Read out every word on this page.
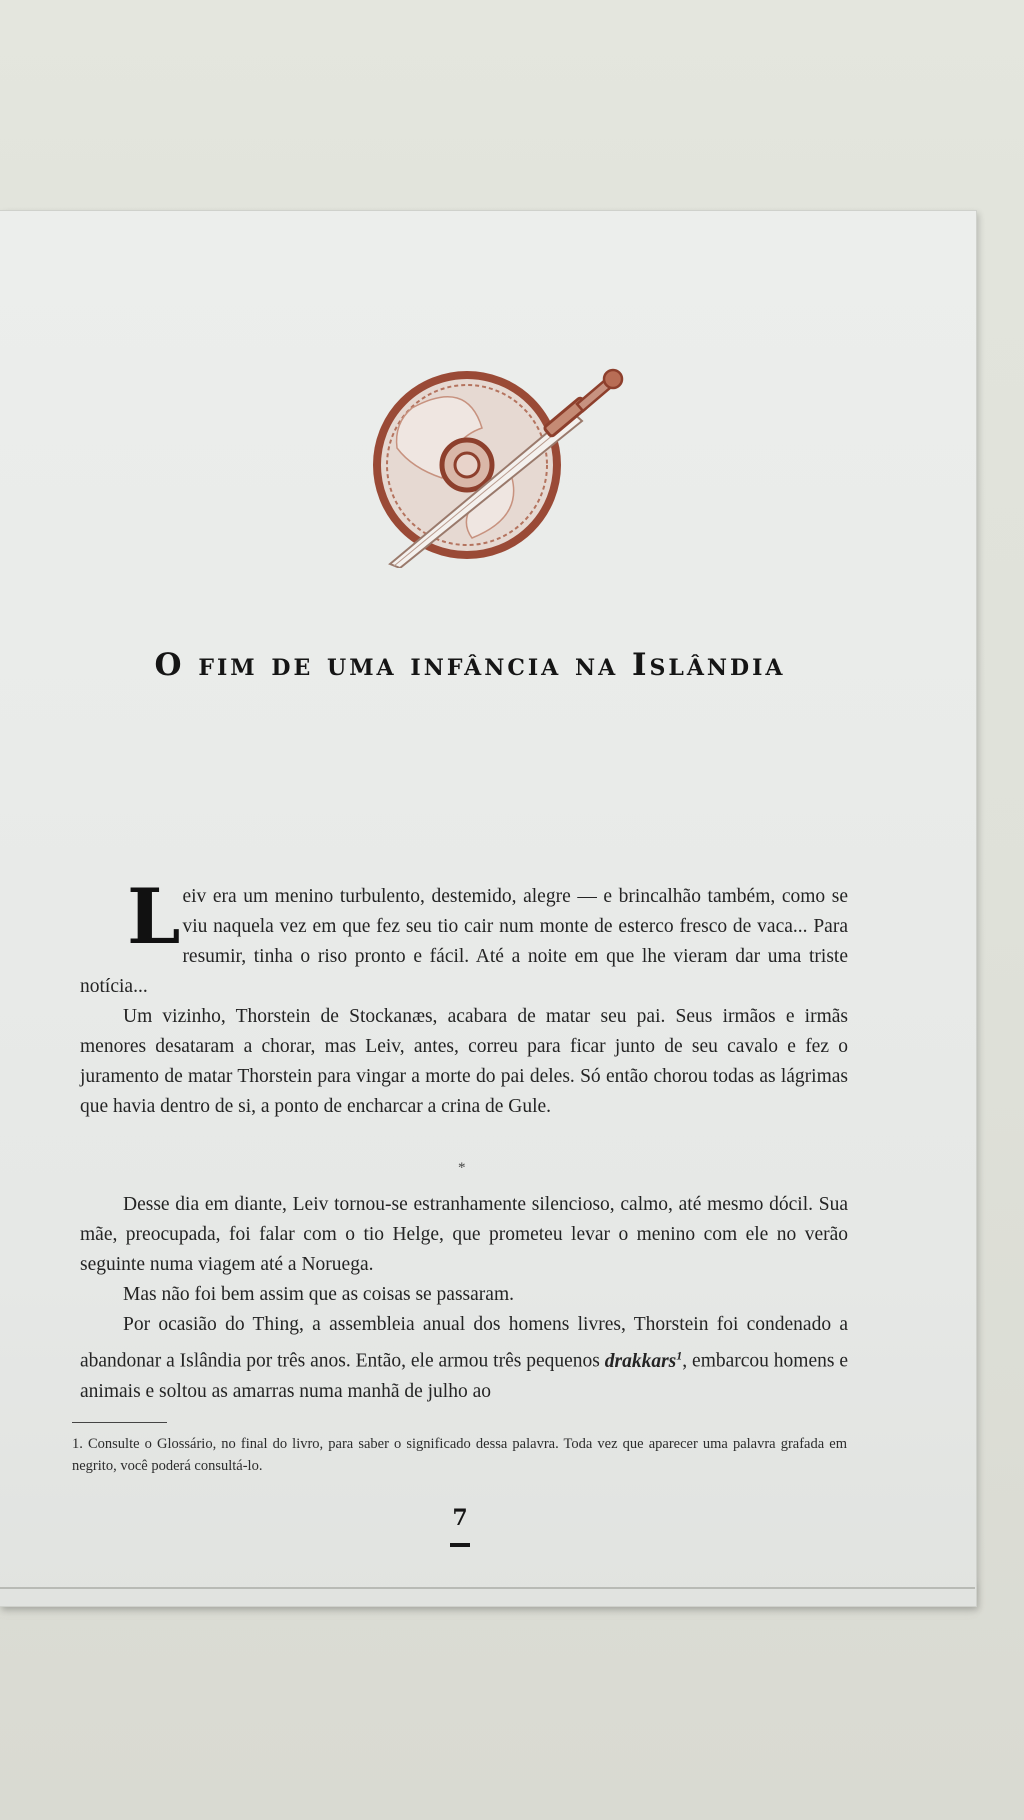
O fim de uma infância na Islândia

Leiv era um menino turbulento, destemido, alegre — e brincalhão também, como se viu naquela vez em que fez seu tio cair num monte de esterco fresco de vaca... Para resumir, tinha o riso pronto e fácil. Até a noite em que lhe vieram dar uma triste notícia...

Um vizinho, Thorstein de Stockanæs, acabara de matar seu pai. Seus irmãos e irmãs menores desataram a chorar, mas Leiv, antes, correu para ficar junto de seu cavalo e fez o juramento de matar Thorstein para vingar a morte do pai deles. Só então chorou todas as lágrimas que havia dentro de si, a ponto de encharcar a crina de Gule.

*

Desse dia em diante, Leiv tornou-se estranhamente silencioso, calmo, até mesmo dócil. Sua mãe, preocupada, foi falar com o tio Helge, que prometeu levar o menino com ele no verão seguinte numa viagem até a Noruega.

Mas não foi bem assim que as coisas se passaram.

Por ocasião do Thing, a assembleia anual dos homens livres, Thorstein foi condenado a abandonar a Islândia por três anos. Então, ele armou três pequenos drakkars$^1$, embarcou homens e animais e soltou as amarras numa manhã de julho ao

1. Consulte o Glossário, no final do livro, para saber o significado dessa palavra. Toda vez que aparecer uma palavra grafada em negrito, você poderá consultá-lo.
7
